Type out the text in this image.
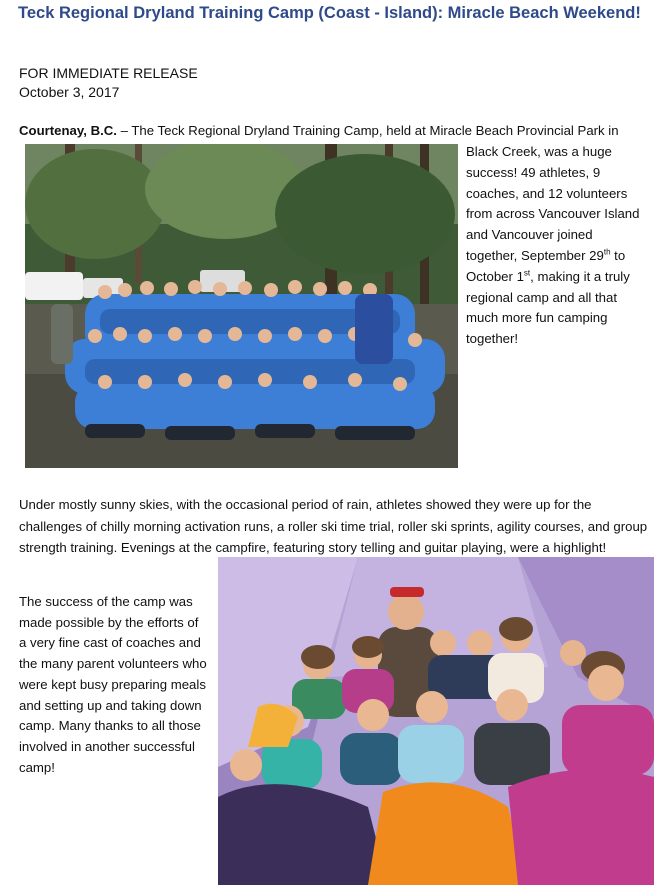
Teck Regional Dryland Training Camp (Coast - Island): Miracle Beach Weekend!
FOR IMMEDIATE RELEASE
October 3, 2017
Courtenay, B.C. – The Teck Regional Dryland Training Camp, held at Miracle Beach Provincial Park in
Black Creek, was a huge success! 49 athletes, 9 coaches, and 12 volunteers from across Vancouver Island and Vancouver joined together, September 29th to October 1st, making it a truly regional camp and all that much more fun camping together!
Under mostly sunny skies, with the occasional period of rain, athletes showed they were up for the challenges of chilly morning activation runs, a roller ski time trial, roller ski sprints, agility courses, and group strength training. Evenings at the campfire, featuring story telling and guitar playing, were a highlight!
The success of the camp was made possible by the efforts of a very fine cast of coaches and the many parent volunteers who were kept busy preparing meals and setting up and taking down camp. Many thanks to all those involved in another successful camp!
